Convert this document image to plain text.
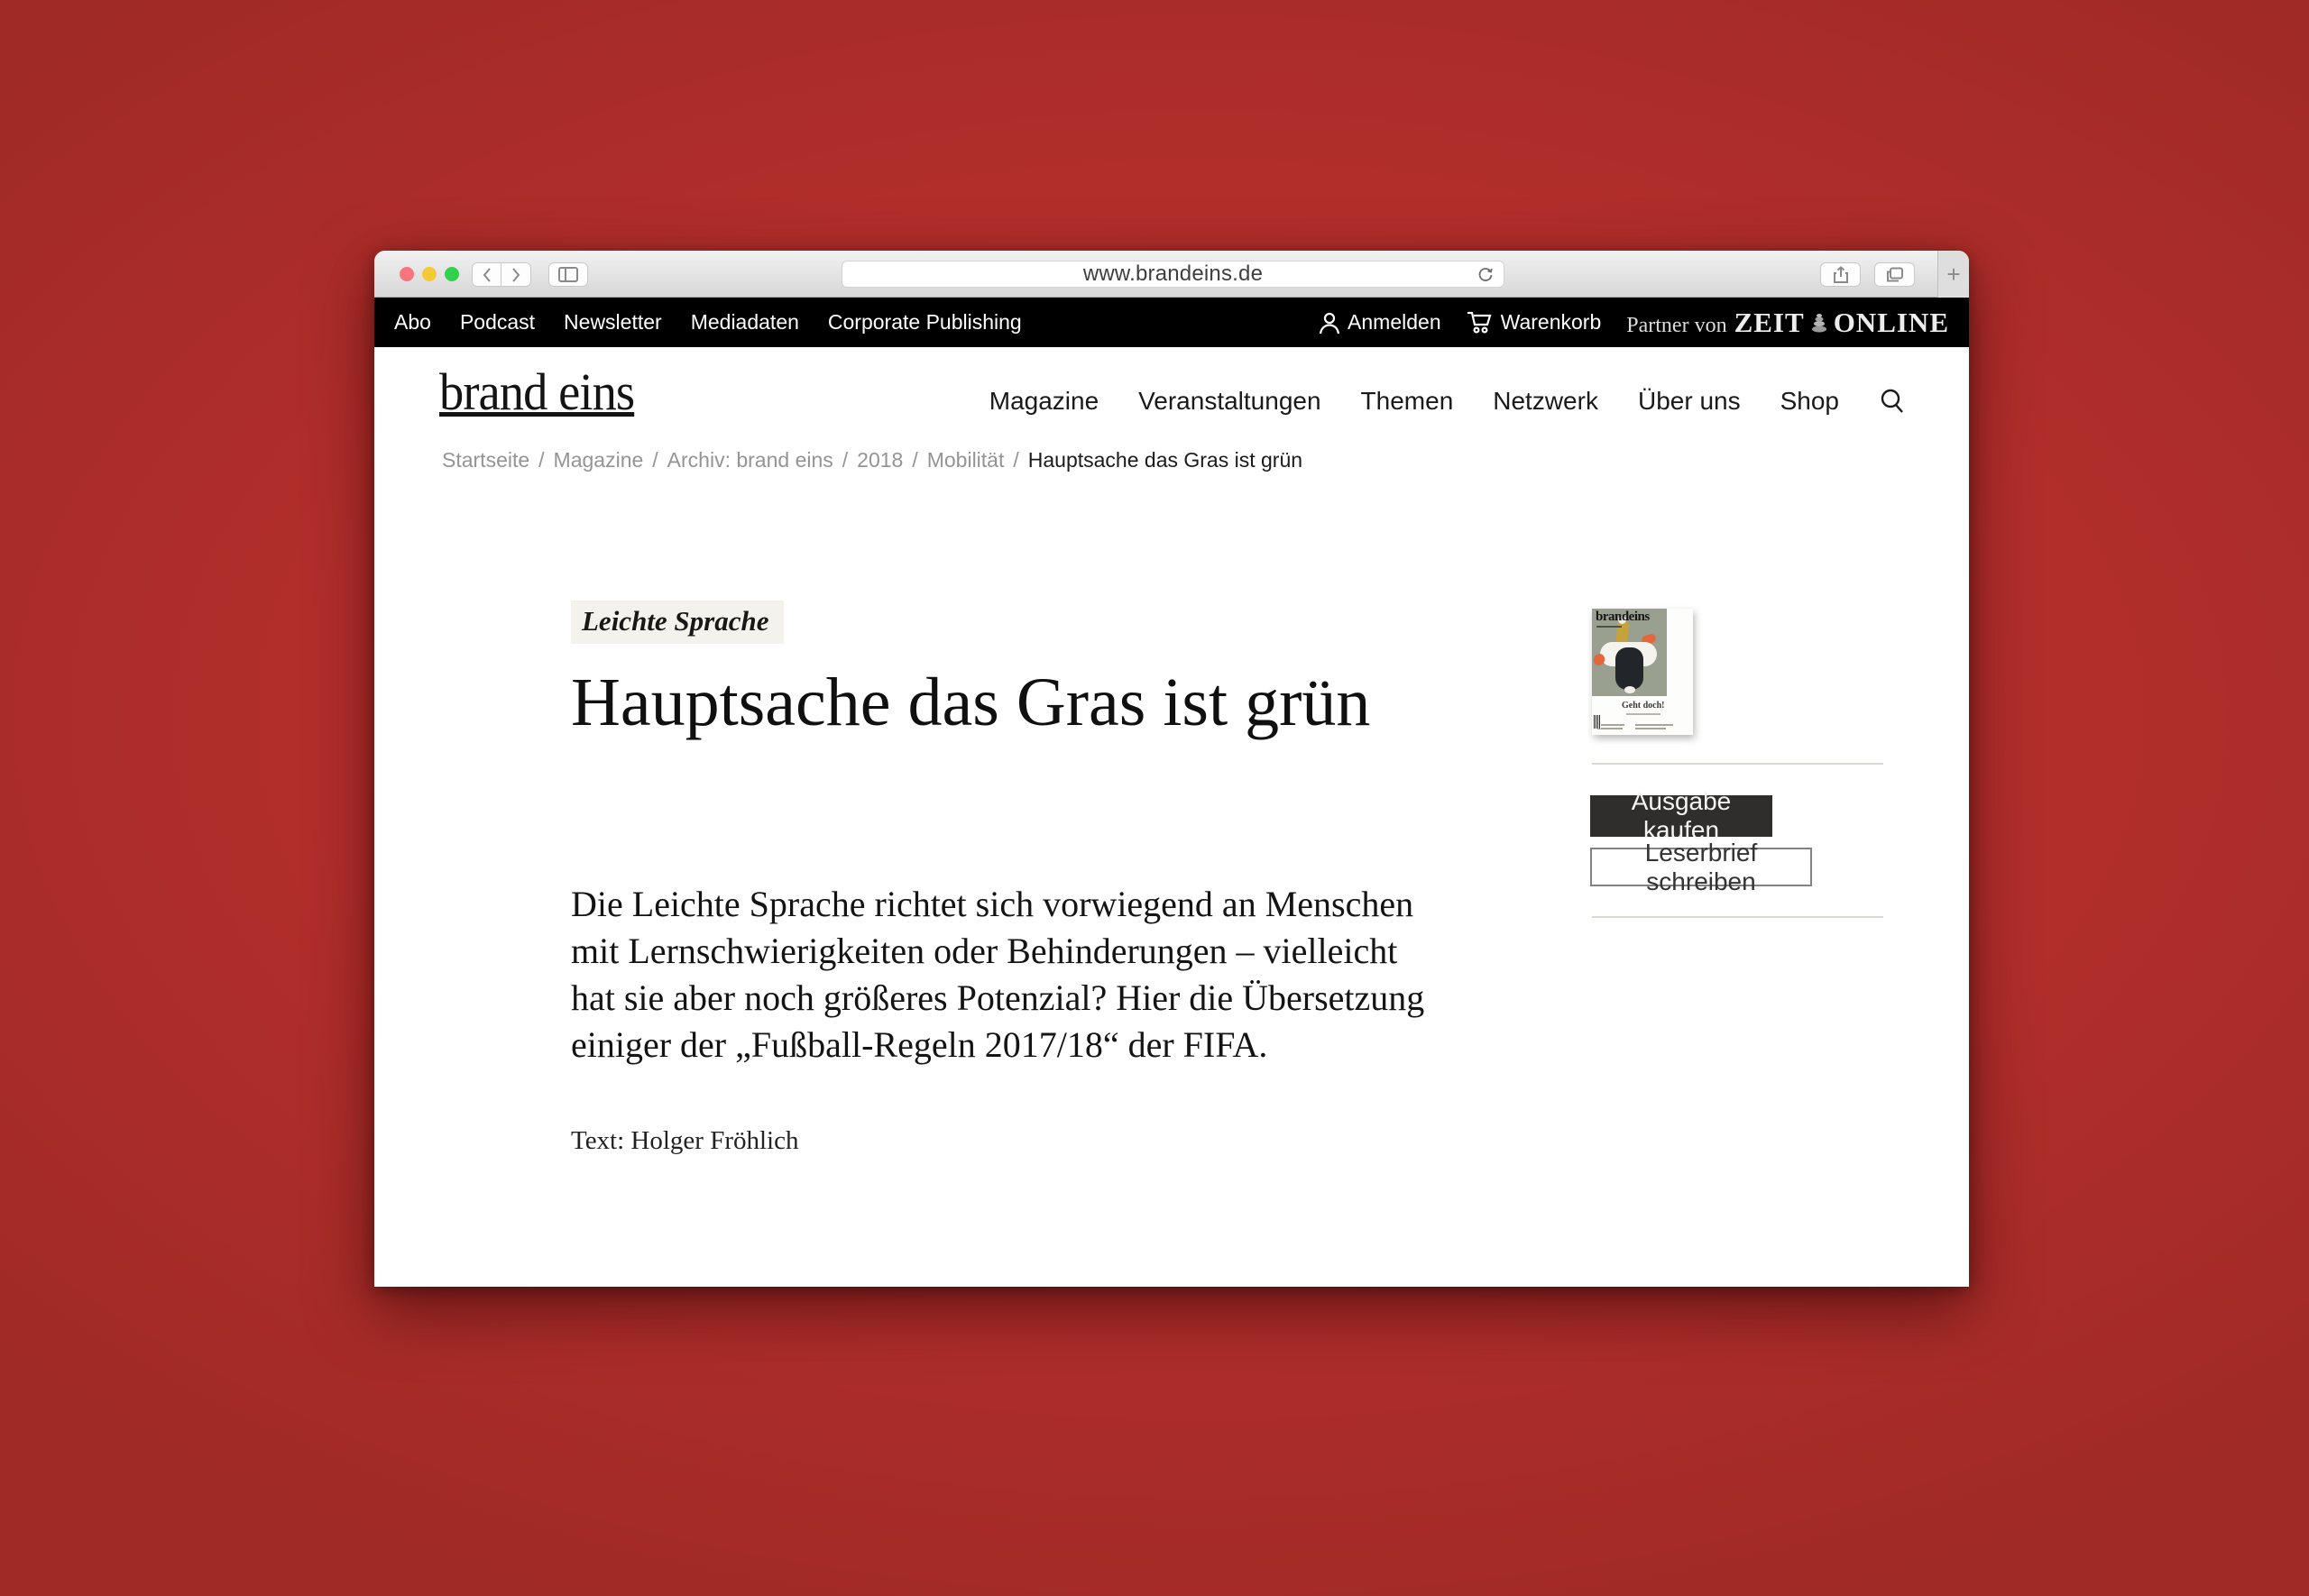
www.brandeins.de	+
Abo Podcast Newsletter Mediadaten Corporate Publishing	Anmelden	Warenkorb Partner von ZEIT ONLINE
brand eins	Magazine Veranstaltungen Themen Netzwerk Über uns Shop
Startseite / Magazine / Archiv: brand eins / 2018 / Mobilität / Hauptsache das Gras ist grün
Leichte Sprache
Hauptsache das Gras ist grün

Die Leichte Sprache richtet sich vorwiegend an Menschen mit Lernschwierigkeiten oder Behinderungen – vielleicht hat sie aber noch größeres Potenzial? Hier die Übersetzung einiger der „Fußball-Regeln 2017/18“ der FIFA.

Text: Holger Fröhlich

brandeins
Geht doch!
Ausgabe kaufen
Leserbrief schreiben
